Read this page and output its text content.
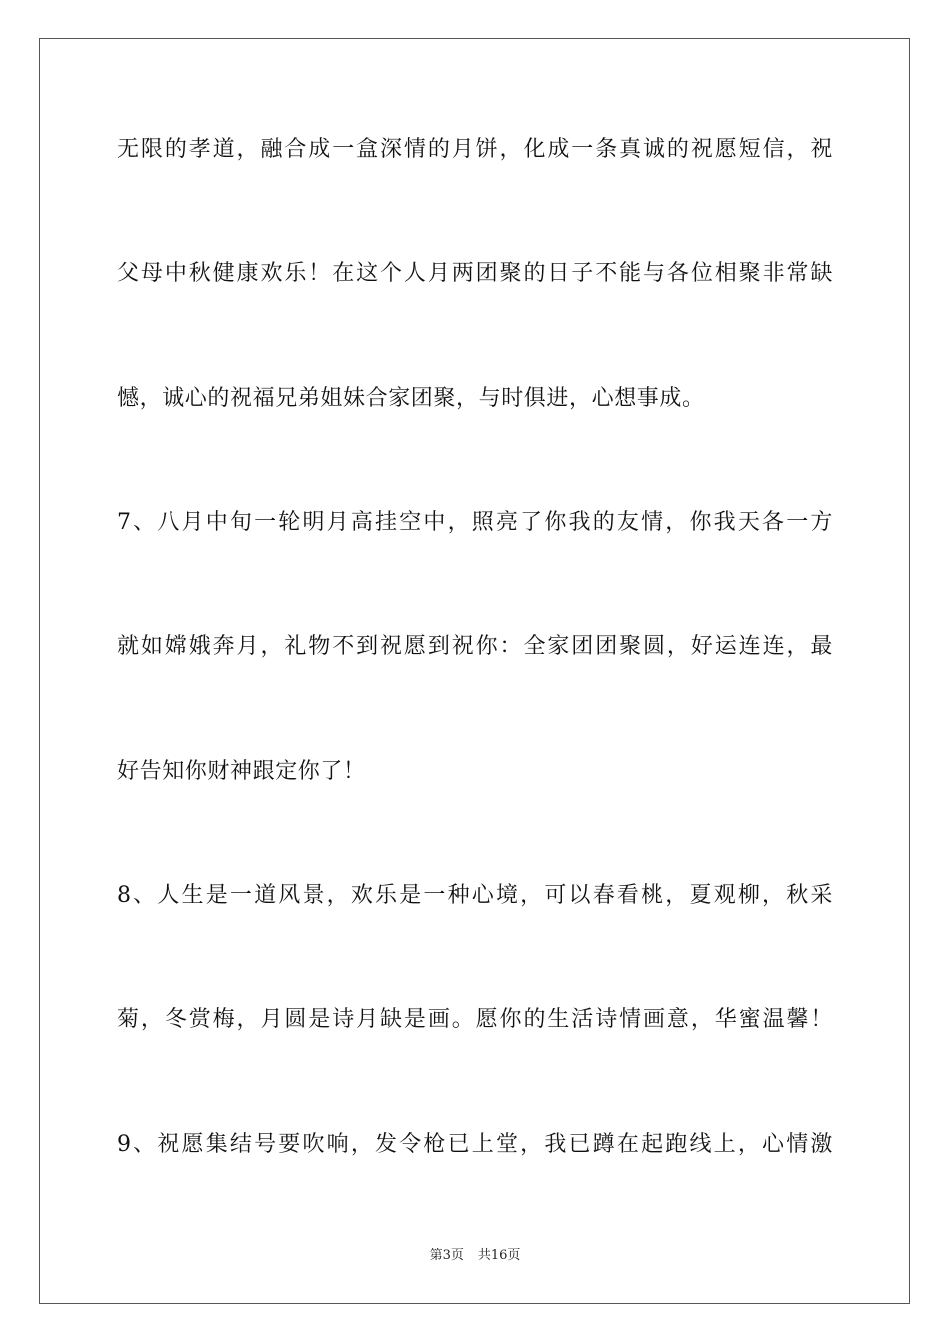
无限的孝道，融合成一盒深情的月饼，化成一条真诚的祝愿短信，祝
父母中秋健康欢乐！在这个人月两团聚的日子不能与各位相聚非常缺
憾，诚心的祝福兄弟姐妹合家团聚，与时俱进，心想事成。
7、八月中旬一轮明月高挂空中，照亮了你我的友情，你我天各一方
就如嫦娥奔月，礼物不到祝愿到祝你：全家团团聚圆，好运连连，最
好告知你财神跟定你了！
8、人生是一道风景，欢乐是一种心境，可以春看桃，夏观柳，秋采
菊，冬赏梅，月圆是诗月缺是画。愿你的生活诗情画意，华蜜温馨！
9、祝愿集结号要吹响，发令枪已上堂，我已蹲在起跑线上，心情激
第3页 共16页
